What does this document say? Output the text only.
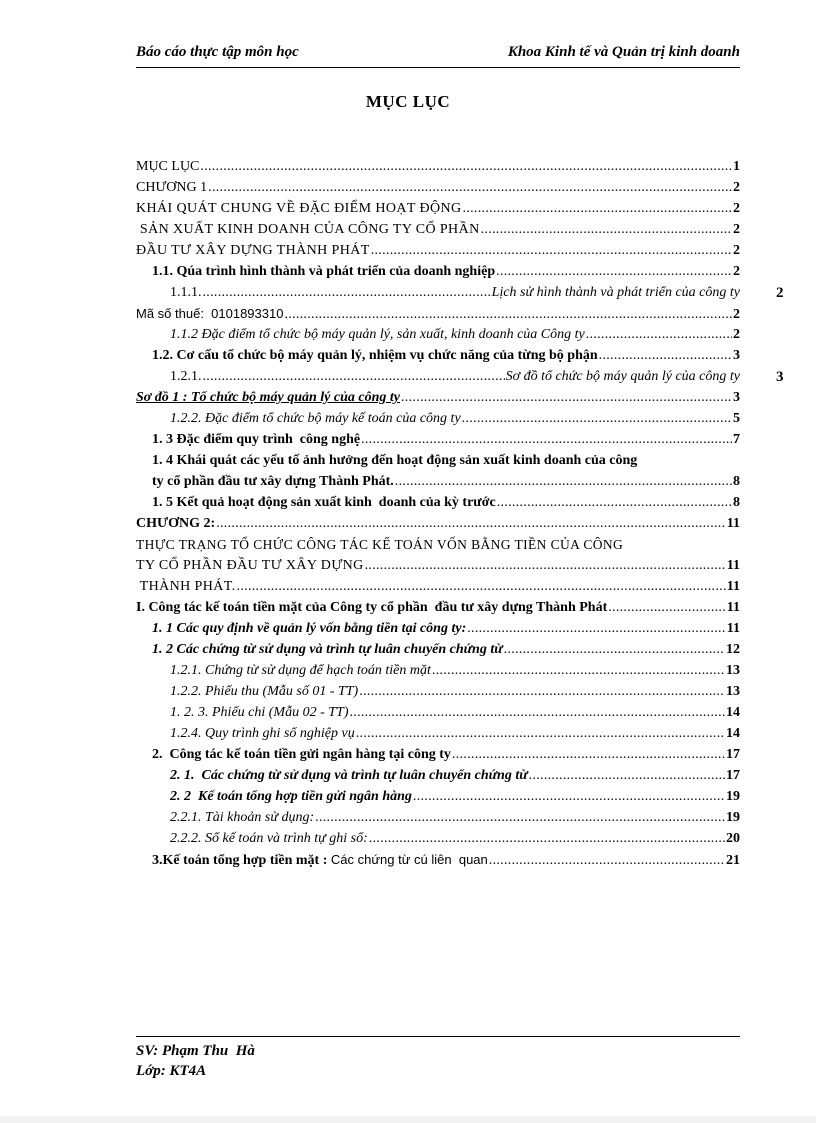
Báo cáo thực tập môn học	Khoa Kinh tế và Quản trị kinh doanh
MỤC LỤC
MỤC LỤC .....	1
CHƯƠNG 1 .....	2
KHÁI QUÁT CHUNG VỀ ĐẶC ĐIỂM HOẠT ĐỘNG .....	2
SẢN XUẤT KINH DOANH CỦA CÔNG TY CỔ PHẦN .....	2
ĐẦU TƯ XÂY DỰNG THÀNH PHÁT .....	2
1.1. Qúa trình hình thành và phát triển của doanh nghiệp .....	2
1.1.1. .....	Lịch sử hình thành và phát triển của công ty 2
Mã số thuế:  0101893310 .....	2
1.1.2 Đặc điểm tổ chức bộ máy quản lý, sản xuất, kinh doanh của Công ty .....	2
1.2. Cơ cấu tổ chức bộ máy quản lý, nhiệm vụ chức năng của từng bộ phận .....	3
1.2.1. .....	Sơ đồ tổ chức bộ máy quản lý của công ty 3
Sơ đồ 1 : Tổ chức bộ máy quản lý của công ty .....	3
1.2.2. Đặc điểm tổ chức bộ máy kế toán của công ty .....	5
1. 3 Đặc điểm quy trình  công nghệ .....	7
1. 4 Khái quát các yếu tố ảnh hưởng đến hoạt động sản xuất kinh doanh của công
ty cổ phần đầu tư xây dựng Thành Phát. .....	8
1. 5 Kết quả hoạt động sản xuất kinh  doanh của kỳ trước .....	8
CHƯƠNG 2: .....	11
THỰC TRẠNG TỔ CHỨC CÔNG TÁC KẾ TOÁN VỐN BẰNG TIỀN CỦA CÔNG
TY CỔ PHẦN ĐẦU TƯ XÂY DỰNG .....	11
THÀNH PHÁT. .....	11
I. Công tác kế toán tiền mặt của Công ty cổ phần  đầu tư xây dựng Thành Phát .....	11
1. 1 Các quy định về quản lý vốn bằng tiền tại công ty: .....	11
1. 2 Các chứng từ sử dụng và trình tự luân chuyển chứng từ .....	12
1.2.1. Chứng từ sử dụng để hạch toán tiền mặt .....	13
1.2.2. Phiếu thu (Mẫu số 01 - TT) .....	13
1. 2. 3. Phiếu chi (Mẫu 02 - TT) .....	14
1.2.4. Quy trình ghi sổ nghiệp vụ .....	14
2.  Công tác kế toán tiền gửi ngân hàng tại công ty .....	17
2. 1.  Các chứng từ sử dụng và trình tự luân chuyển chứng từ .....	17
2. 2  Kế toán tổng hợp tiền gửi ngân hàng .....	19
2.2.1. Tài khoản sử dụng: .....	19
2.2.2. Sổ kế toán và trình tự ghi sổ: .....	20
3.Kế toán tổng hợp tiền mặt : Các chứng từ cú liên  quan .....	21
SV: Phạm Thu  Hà
Lớp: KT4A
